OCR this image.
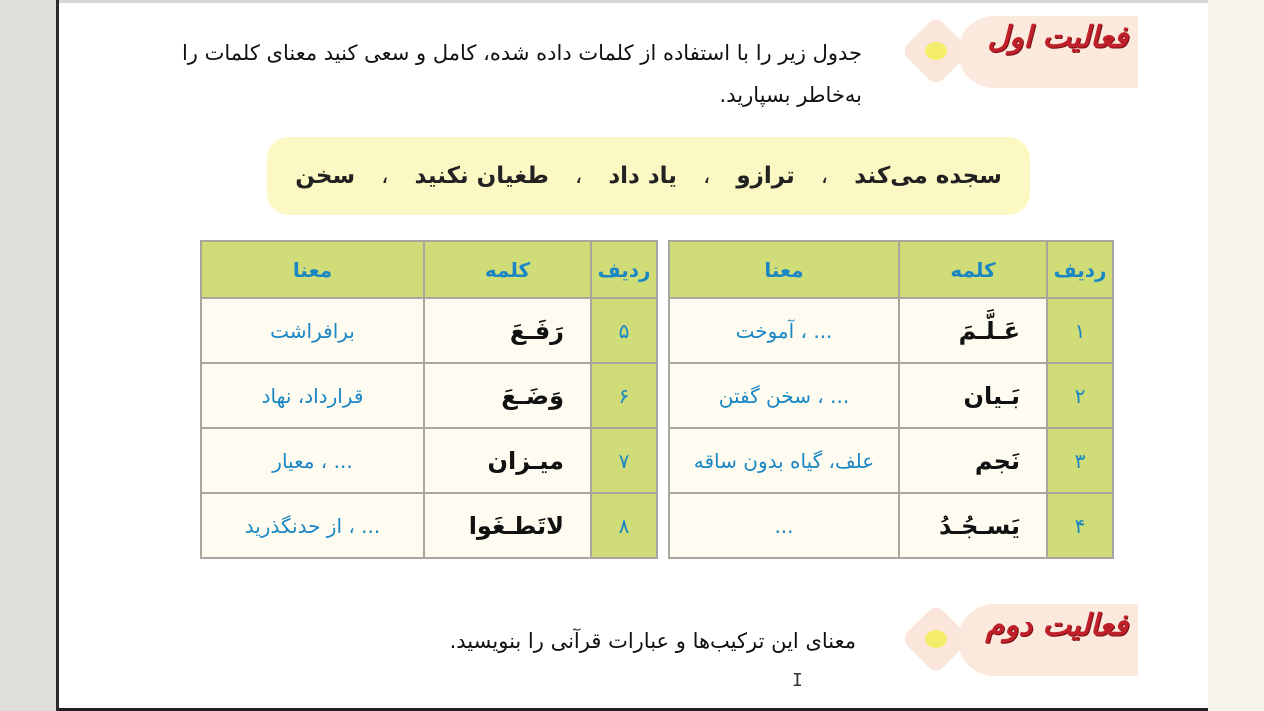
فعالیت اول
جدول زیر را با استفاده از کلمات داده شده، کامل و سعی کنید معنای کلمات را
به‌خاطر بسپارید.
سجده می‌کند
،
ترازو
،
یاد داد
،
طغیان نکنید
،
سخن
ردیف	کلمه	معنا
۱	عَـلَّـمَ	... ، آموخت
۲	بَـیان	... ، سخن گفتن
۳	نَجم	علف، گیاه بدون ساقه
۴	یَسـجُـدُ	...
ردیف	کلمه	معنا
۵	رَفَـعَ	برافراشت
۶	وَضَـعَ	قرارداد، نهاد
۷	میـزان	... ، معیار
۸	لاتَطـغَوا	... ، از حدنگذرید
فعالیت دوم
معنای این ترکیب‌ها و عبارات قرآنی را بنویسید.
I
